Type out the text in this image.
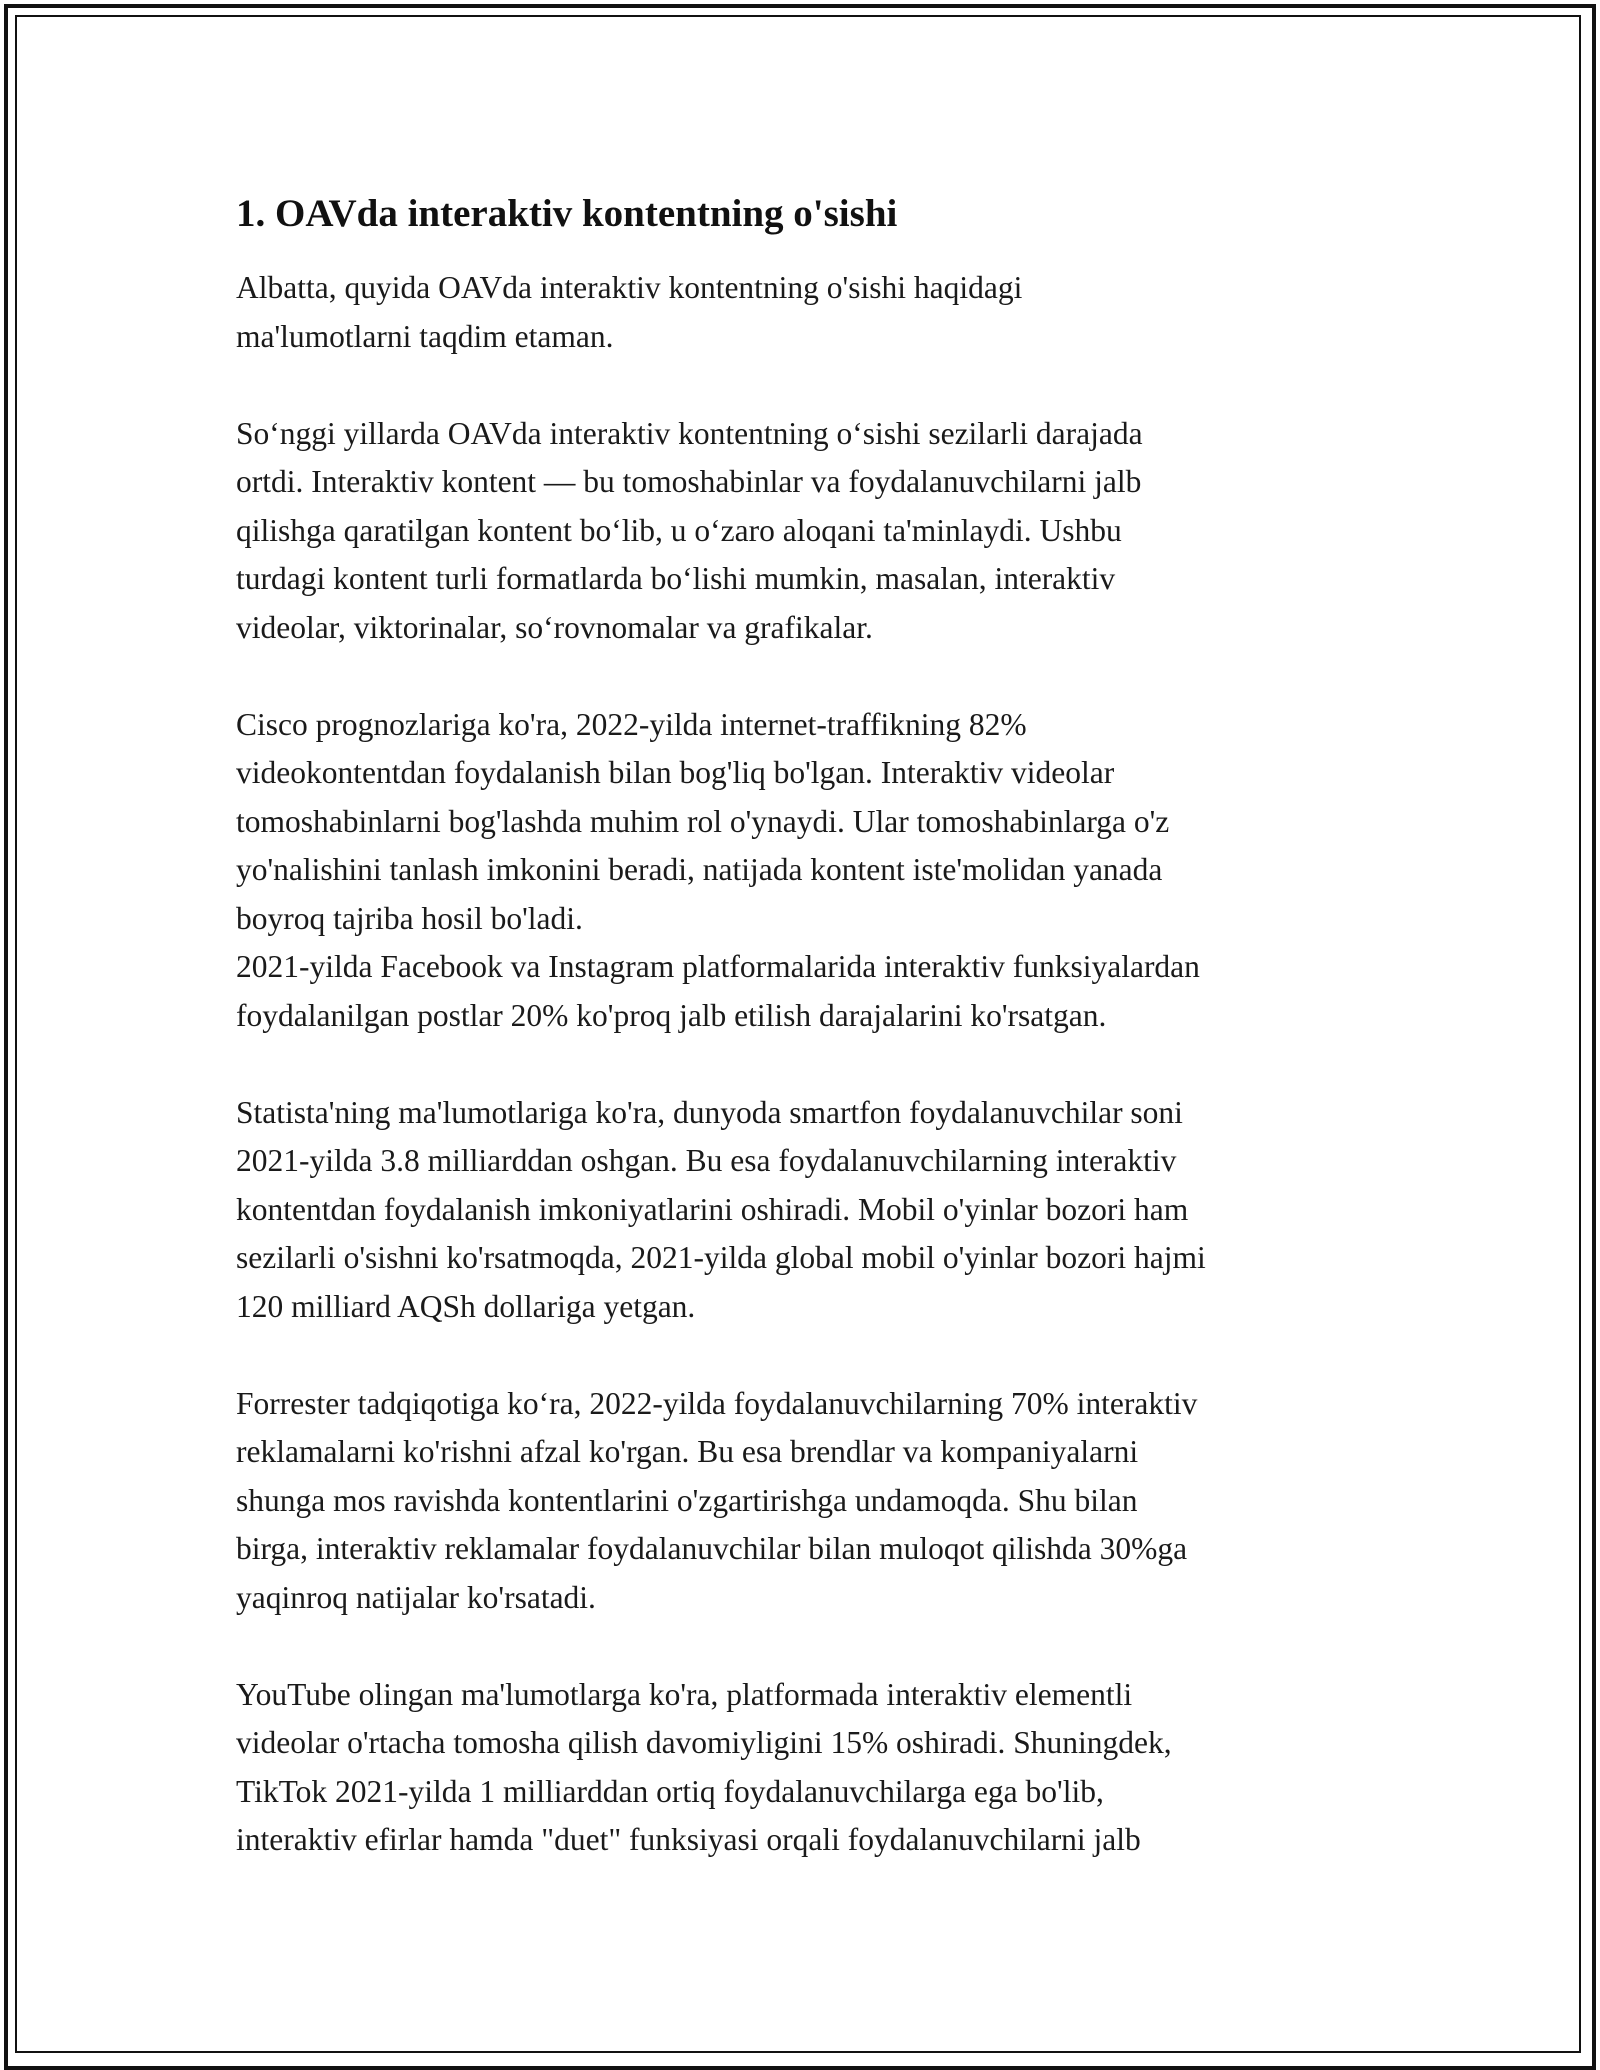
1. OAVda interaktiv kontentning o'sishi

Albatta, quyida OAVda interaktiv kontentning o'sishi haqidagi
ma'lumotlarni taqdim etaman.

Soʻnggi yillarda OAVda interaktiv kontentning oʻsishi sezilarli darajada
ortdi. Interaktiv kontent — bu tomoshabinlar va foydalanuvchilarni jalb
qilishga qaratilgan kontent boʻlib, u oʻzaro aloqani ta'minlaydi. Ushbu
turdagi kontent turli formatlarda boʻlishi mumkin, masalan, interaktiv
videolar, viktorinalar, soʻrovnomalar va grafikalar.

Cisco prognozlariga ko'ra, 2022-yilda internet-traffikning 82%
videokontentdan foydalanish bilan bog'liq bo'lgan. Interaktiv videolar
tomoshabinlarni bog'lashda muhim rol o'ynaydi. Ular tomoshabinlarga o'z
yo'nalishini tanlash imkonini beradi, natijada kontent iste'molidan yanada
boyroq tajriba hosil bo'ladi.

2021-yilda Facebook va Instagram platformalarida interaktiv funksiyalardan
foydalanilgan postlar 20% ko'proq jalb etilish darajalarini ko'rsatgan.

Statista'ning ma'lumotlariga ko'ra, dunyoda smartfon foydalanuvchilar soni
2021-yilda 3.8 milliarddan oshgan. Bu esa foydalanuvchilarning interaktiv
kontentdan foydalanish imkoniyatlarini oshiradi. Mobil o'yinlar bozori ham
sezilarli o'sishni ko'rsatmoqda, 2021-yilda global mobil o'yinlar bozori hajmi
120 milliard AQSh dollariga yetgan.

Forrester tadqiqotiga koʻra, 2022-yilda foydalanuvchilarning 70% interaktiv
reklamalarni ko'rishni afzal ko'rgan. Bu esa brendlar va kompaniyalarni
shunga mos ravishda kontentlarini o'zgartirishga undamoqda. Shu bilan
birga, interaktiv reklamalar foydalanuvchilar bilan muloqot qilishda 30%ga
yaqinroq natijalar ko'rsatadi.

YouTube olingan ma'lumotlarga ko'ra, platformada interaktiv elementli
videolar o'rtacha tomosha qilish davomiyligini 15% oshiradi. Shuningdek,
TikTok 2021-yilda 1 milliarddan ortiq foydalanuvchilarga ega bo'lib,
interaktiv efirlar hamda "duet" funksiyasi orqali foydalanuvchilarni jalb
